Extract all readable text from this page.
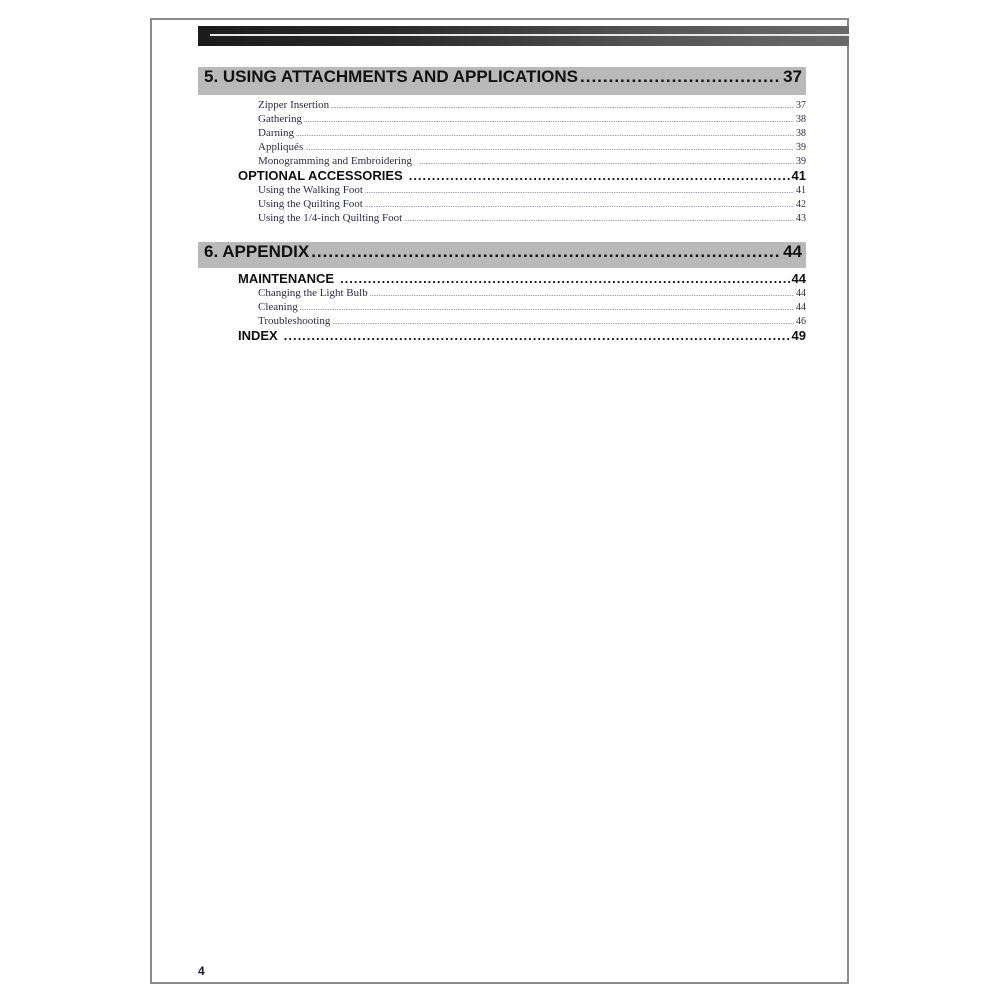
5. USING ATTACHMENTS AND APPLICATIONS .....	37
Zipper Insertion .....	37
Gathering .....	38
Darning .....	38
Appliqués .....	39
Monogramming and Embroidering .....	39
OPTIONAL ACCESSORIES .....	41
Using the Walking Foot .....	41
Using the Quilting Foot .....	42
Using the 1/4-inch Quilting Foot .....	43
6. APPENDIX .....	44
MAINTENANCE .....	44
Changing the Light Bulb .....	44
Cleaning .....	44
Troubleshooting .....	46
INDEX .....	49
4
